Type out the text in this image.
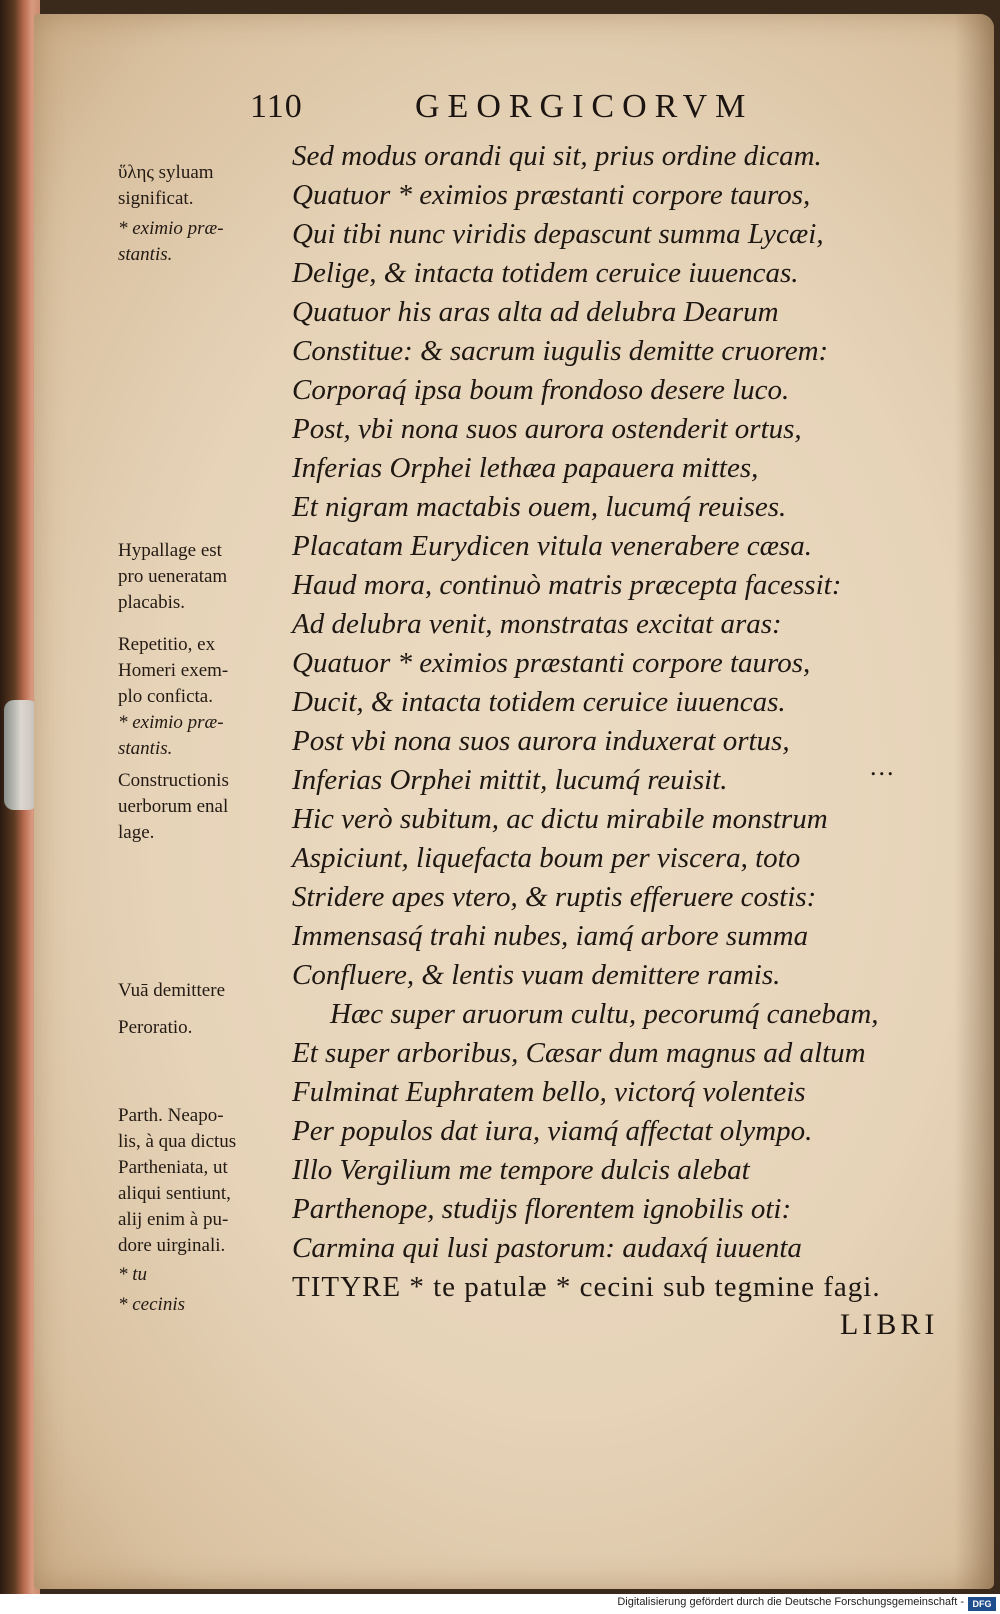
110	GEORGICORVM
Sed modus orandi qui sit, prius ordine dicam.
Quatuor * eximios præstanti corpore tauros,
Qui tibi nunc viridis depascunt summa Lycæi,
Delige, & intacta totidem ceruice iuuencas.
Quatuor his aras alta ad delubra Dearum
Constitue: & sacrum iugulis demitte cruorem:
Corporaq́ ipsa boum frondoso desere luco.
Post, vbi nona suos aurora ostenderit ortus,
Inferias Orphei lethæa papauera mittes,
Et nigram mactabis ouem, lucumq́ reuises.
Placatam Eurydicen vitula venerabere cæsa.
Haud mora, continuò matris præcepta facessit:
Ad delubra venit, monstratas excitat aras:
Quatuor * eximios præstanti corpore tauros,
Ducit, & intacta totidem ceruice iuuencas.
Post vbi nona suos aurora induxerat ortus,
Inferias Orphei mittit, lucumq́ reuisit.
Hic verò subitum, ac dictu mirabile monstrum
Aspiciunt, liquefacta boum per viscera, toto
Stridere apes vtero, & ruptis efferuere costis:
Immensasq́ trahi nubes, iamq́ arbore summa
Confluere, & lentis vuam demittere ramis.
Hæc super aruorum cultu, pecorumq́ canebam,
Et super arboribus, Cæsar dum magnus ad altum
Fulminat Euphratem bello, victorq́ volenteis
Per populos dat iura, viamq́ affectat olympo.
Illo Vergilium me tempore dulcis alebat
Parthenope, studijs florentem ignobilis oti:
Carmina qui lusi pastorum: audaxq́ iuuenta
TITYRE * te patulæ * cecini sub tegmine fagi.
...
ὕλης syluam
significat.
* eximio præ-
stantis.
Hypallage est
pro ueneratam
placabis.
Repetitio, ex
Homeri exem-
plo conficta.
* eximio præ-
stantis.
Constructionis
uerborum enal
lage.
Vuā demittere
Peroratio.
Parth. Neapo-
lis, à qua dictus
Partheniata, ut
aliqui sentiunt,
alij enim à pu-
dore uirginali.
* tu
* cecinis
LIBRI
Digitalisierung gefördert durch die Deutsche Forschungsgemeinschaft - DFG
